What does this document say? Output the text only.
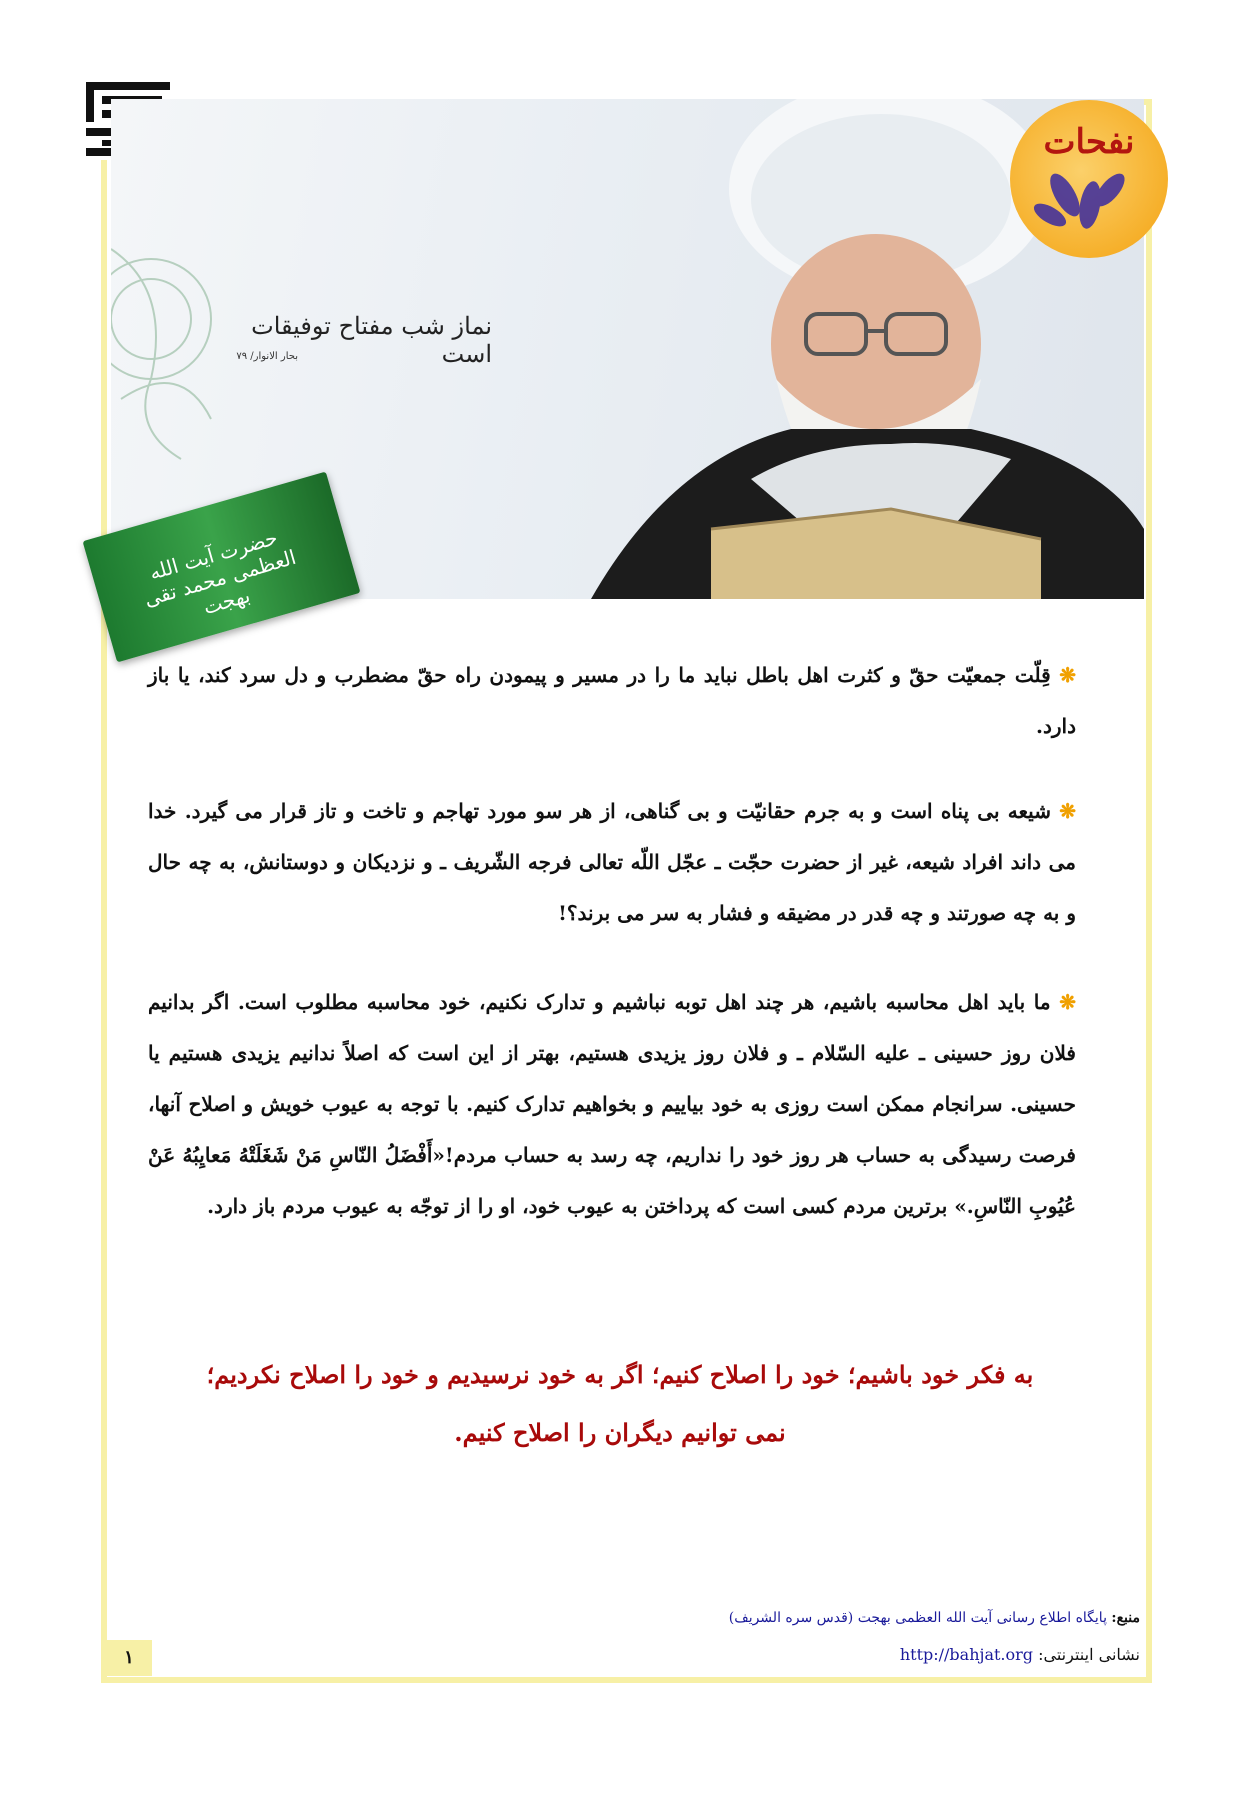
نماز شب مفتاح توفیقات است
بحار الانوار/ ۷۹
نفحات
حضرت آیت الله العظمی محمد تقی بهجت
❋ قِلّت جمعیّت حقّ و کثرت اهل باطل نباید ما را در مسیر و پیمودن راه حقّ مضطرب و دل سرد کند، یا باز دارد.
❋ شیعه بی پناه است و به جرم حقانیّت و بی گناهی، از هر سو مورد تهاجم و تاخت و تاز قرار می گیرد. خدا می داند افراد شیعه، غیر از حضرت حجّت ـ عجّل اللّه تعالی فرجه الشّریف ـ و نزدیکان و دوستانش، به چه حال و به چه صورتند و چه قدر در مضیقه و فشار به سر می برند؟!
❋ ما باید اهل محاسبه باشیم، هر چند اهل توبه نباشیم و تدارک نکنیم، خود محاسبه مطلوب است. اگر بدانیم فلان روز حسینی ـ علیه السّلام ـ و فلان روز یزیدی هستیم، بهتر از این است که اصلاً ندانیم یزیدی هستیم یا حسینی. سرانجام ممکن است روزی به خود بیاییم و بخواهیم تدارک کنیم. با توجه به عیوب خویش و اصلاح آنها، فرصت رسیدگی به حساب هر روز خود را نداریم، چه رسد به حساب مردم!«أَفْضَلُ النّاسِ مَنْ شَغَلَتْهُ مَعایِبُهُ عَنْ عُیُوبِ النّاسِ.» برترین مردم کسی است که پرداختن به عیوب خود، او را از توجّه به عیوب مردم باز دارد.
به فکر خود باشیم؛ خود را اصلاح کنیم؛ اگر به خود نرسیدیم و خود را اصلاح نکردیم؛
نمی توانیم دیگران را اصلاح کنیم.
منبع: پایگاه اطلاع رسانی آیت الله العظمی بهجت (قدس سره الشریف)
نشانی اینترنتی: http://bahjat.org
۱
